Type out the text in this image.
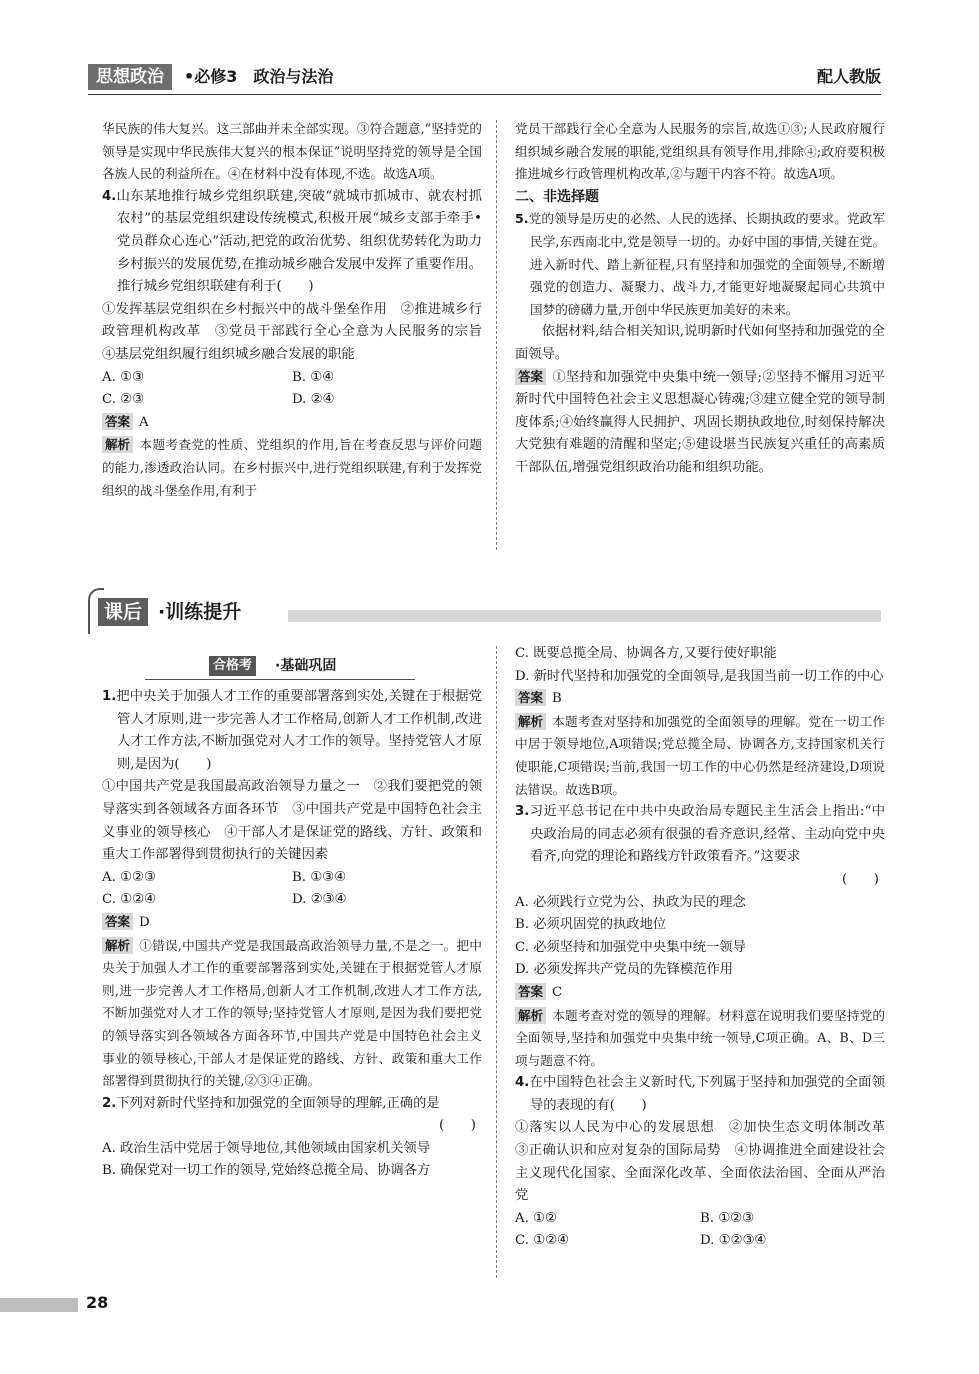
思想政治	•必修3　政治与法治	配人教版

华民族的伟大复兴。这三部曲并未全部实现。③符合题意,“坚持党的领导是实现中华民族伟大复兴的根本保证”说明坚持党的领导是全国各族人民的利益所在。④在材料中没有体现,不选。故选A项。

4.山东某地推行城乡党组织联建,突破“就城市抓城市、就农村抓农村”的基层党组织建设传统模式,积极开展“城乡支部手牵手•党员群众心连心”活动,把党的政治优势、组织优势转化为助力乡村振兴的发展优势,在推动城乡融合发展中发挥了重要作用。推行城乡党组织联建有利于(　　)

①发挥基层党组织在乡村振兴中的战斗堡垒作用　②推进城乡行政管理机构改革　③党员干部践行全心全意为人民服务的宗旨　④基层党组织履行组织城乡融合发展的职能

A. ①③	B. ①④
C. ②③	D. ②④

答案 A

解析 本题考查党的性质、党组织的作用,旨在考查反思与评价问题的能力,渗透政治认同。在乡村振兴中,进行党组织联建,有利于发挥党组织的战斗堡垒作用,有利于

党员干部践行全心全意为人民服务的宗旨,故选①③;人民政府履行组织城乡融合发展的职能,党组织具有领导作用,排除④;政府要积极推进城乡行政管理机构改革,②与题干内容不符。故选A项。

二、非选择题

5.党的领导是历史的必然、人民的选择、长期执政的要求。党政军民学,东西南北中,党是领导一切的。办好中国的事情,关键在党。进入新时代、踏上新征程,只有坚持和加强党的全面领导,不断增强党的创造力、凝聚力、战斗力,才能更好地凝聚起同心共筑中国梦的磅礴力量,开创中华民族更加美好的未来。

依据材料,结合相关知识,说明新时代如何坚持和加强党的全面领导。

答案 ①坚持和加强党中央集中统一领导;②坚持不懈用习近平新时代中国特色社会主义思想凝心铸魂;③建立健全党的领导制度体系;④始终赢得人民拥护、巩固长期执政地位,时刻保持解决大党独有难题的清醒和坚定;⑤建设堪当民族复兴重任的高素质干部队伍,增强党组织政治功能和组织功能。

课后 ·训练提升
合格考 ·基础巩固

1.把中央关于加强人才工作的重要部署落到实处,关键在于根据党管人才原则,进一步完善人才工作格局,创新人才工作机制,改进人才工作方法,不断加强党对人才工作的领导。坚持党管人才原则,是因为(　　)

①中国共产党是我国最高政治领导力量之一　②我们要把党的领导落实到各领域各方面各环节　③中国共产党是中国特色社会主义事业的领导核心　④干部人才是保证党的路线、方针、政策和重大工作部署得到贯彻执行的关键因素

A. ①②③	B. ①③④
C. ①②④	D. ②③④

答案 D

解析 ①错误,中国共产党是我国最高政治领导力量,不是之一。把中央关于加强人才工作的重要部署落到实处,关键在于根据党管人才原则,进一步完善人才工作格局,创新人才工作机制,改进人才工作方法,不断加强党对人才工作的领导;坚持党管人才原则,是因为我们要把党的领导落实到各领域各方面各环节,中国共产党是中国特色社会主义事业的领导核心,干部人才是保证党的路线、方针、政策和重大工作部署得到贯彻执行的关键,②③④正确。

2.下列对新时代坚持和加强党的全面领导的理解,正确的是

(　　)

A. 政治生活中党居于领导地位,其他领域由国家机关领导

B. 确保党对一切工作的领导,党始终总揽全局、协调各方

C. 既要总揽全局、协调各方,又要行使好职能

D. 新时代坚持和加强党的全面领导,是我国当前一切工作的中心

答案 B

解析 本题考查对坚持和加强党的全面领导的理解。党在一切工作中居于领导地位,A项错误;党总揽全局、协调各方,支持国家机关行使职能,C项错误;当前,我国一切工作的中心仍然是经济建设,D项说法错误。故选B项。

3.习近平总书记在中共中央政治局专题民主生活会上指出:“中央政治局的同志必须有很强的看齐意识,经常、主动向党中央看齐,向党的理论和路线方针政策看齐。”这要求

(　　)

A. 必须践行立党为公、执政为民的理念

B. 必须巩固党的执政地位

C. 必须坚持和加强党中央集中统一领导

D. 必须发挥共产党员的先锋模范作用

答案 C

解析 本题考查对党的领导的理解。材料意在说明我们要坚持党的全面领导,坚持和加强党中央集中统一领导,C项正确。A、B、D三项与题意不符。

4.在中国特色社会主义新时代,下列属于坚持和加强党的全面领导的表现的有(　　)

①落实以人民为中心的发展思想　②加快生态文明体制改革　③正确认识和应对复杂的国际局势　④协调推进全面建设社会主义现代化国家、全面深化改革、全面依法治国、全面从严治党

A. ①②	B. ①②③
C. ①②④	D. ①②③④
28
